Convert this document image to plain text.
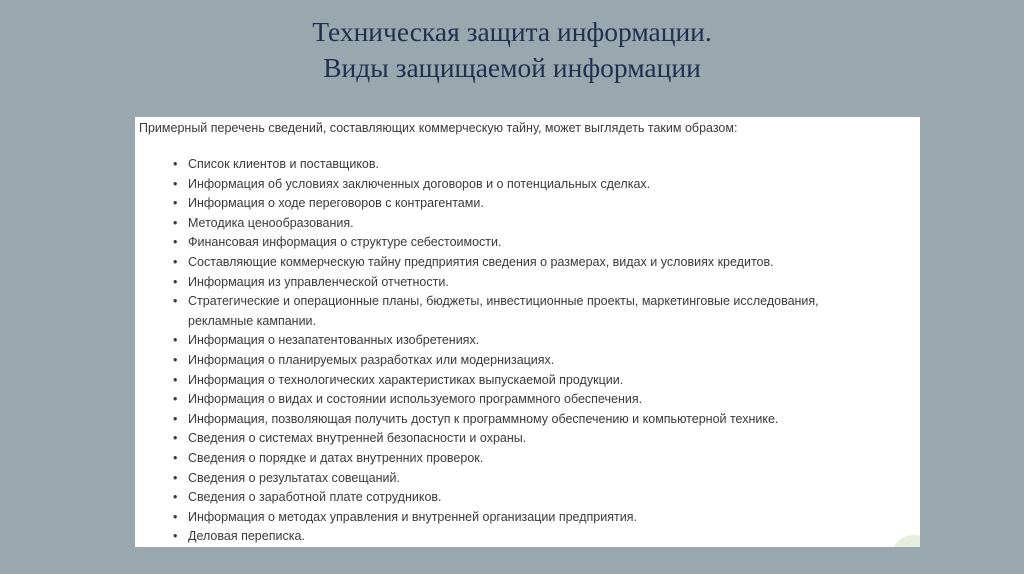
Техническая защита информации.
Виды защищаемой информации
Примерный перечень сведений, составляющих коммерческую тайну, может выглядеть таким образом:
• Список клиентов и поставщиков.
• Информация об условиях заключенных договоров и о потенциальных сделках.
• Информация о ходе переговоров с контрагентами.
• Методика ценообразования.
• Финансовая информация о структуре себестоимости.
• Составляющие коммерческую тайну предприятия сведения о размерах, видах и условиях кредитов.
• Информация из управленческой отчетности.
• Стратегические и операционные планы, бюджеты, инвестиционные проекты, маркетинговые исследования,
рекламные кампании.
• Информация о незапатентованных изобретениях.
• Информация о планируемых разработках или модернизациях.
• Информация о технологических характеристиках выпускаемой продукции.
• Информация о видах и состоянии используемого программного обеспечения.
• Информация, позволяющая получить доступ к программному обеспечению и компьютерной технике.
• Сведения о системах внутренней безопасности и охраны.
• Сведения о порядке и датах внутренних проверок.
• Сведения о результатах совещаний.
• Сведения о заработной плате сотрудников.
• Информация о методах управления и внутренней организации предприятия.
• Деловая переписка.
